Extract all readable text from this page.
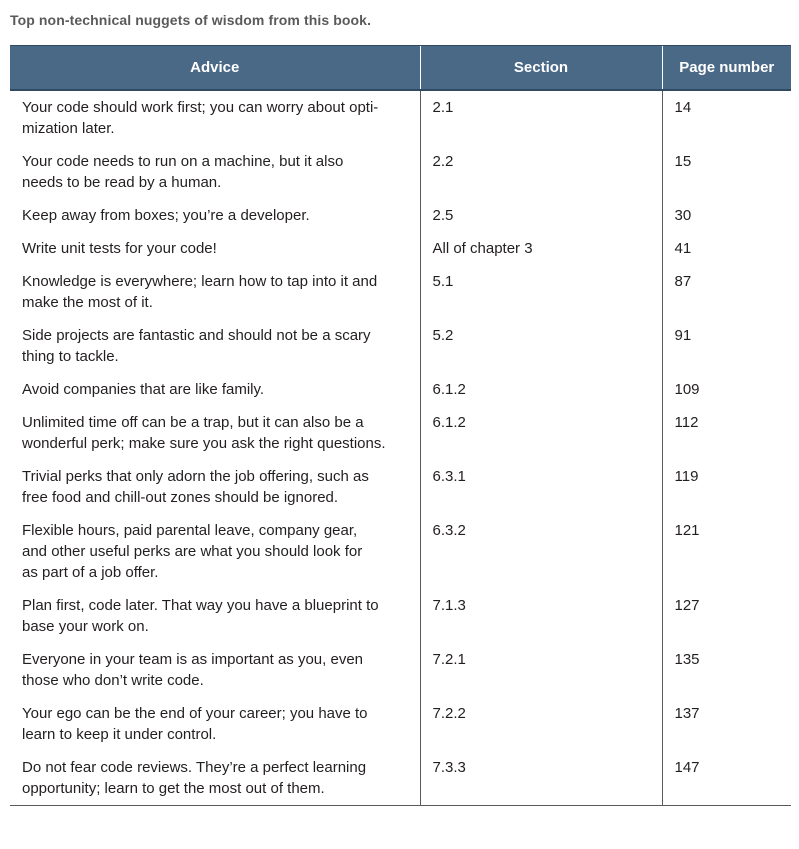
Top non-technical nuggets of wisdom from this book.
Advice	Section	Page number
Your code should work first; you can worry about opti-
mization later.	2.1	14
Your code needs to run on a machine, but it also
needs to be read by a human.	2.2	15
Keep away from boxes; you’re a developer.	2.5	30
Write unit tests for your code!	All of chapter 3	41
Knowledge is everywhere; learn how to tap into it and
make the most of it.	5.1	87
Side projects are fantastic and should not be a scary
thing to tackle.	5.2	91
Avoid companies that are like family.	6.1.2	109
Unlimited time off can be a trap, but it can also be a
wonderful perk; make sure you ask the right questions.	6.1.2	112
Trivial perks that only adorn the job offering, such as
free food and chill-out zones should be ignored.	6.3.1	119
Flexible hours, paid parental leave, company gear,
and other useful perks are what you should look for
as part of a job offer.	6.3.2	121
Plan first, code later. That way you have a blueprint to
base your work on.	7.1.3	127
Everyone in your team is as important as you, even
those who don’t write code.	7.2.1	135
Your ego can be the end of your career; you have to
learn to keep it under control.	7.2.2	137
Do not fear code reviews. They’re a perfect learning
opportunity; learn to get the most out of them.	7.3.3	147
